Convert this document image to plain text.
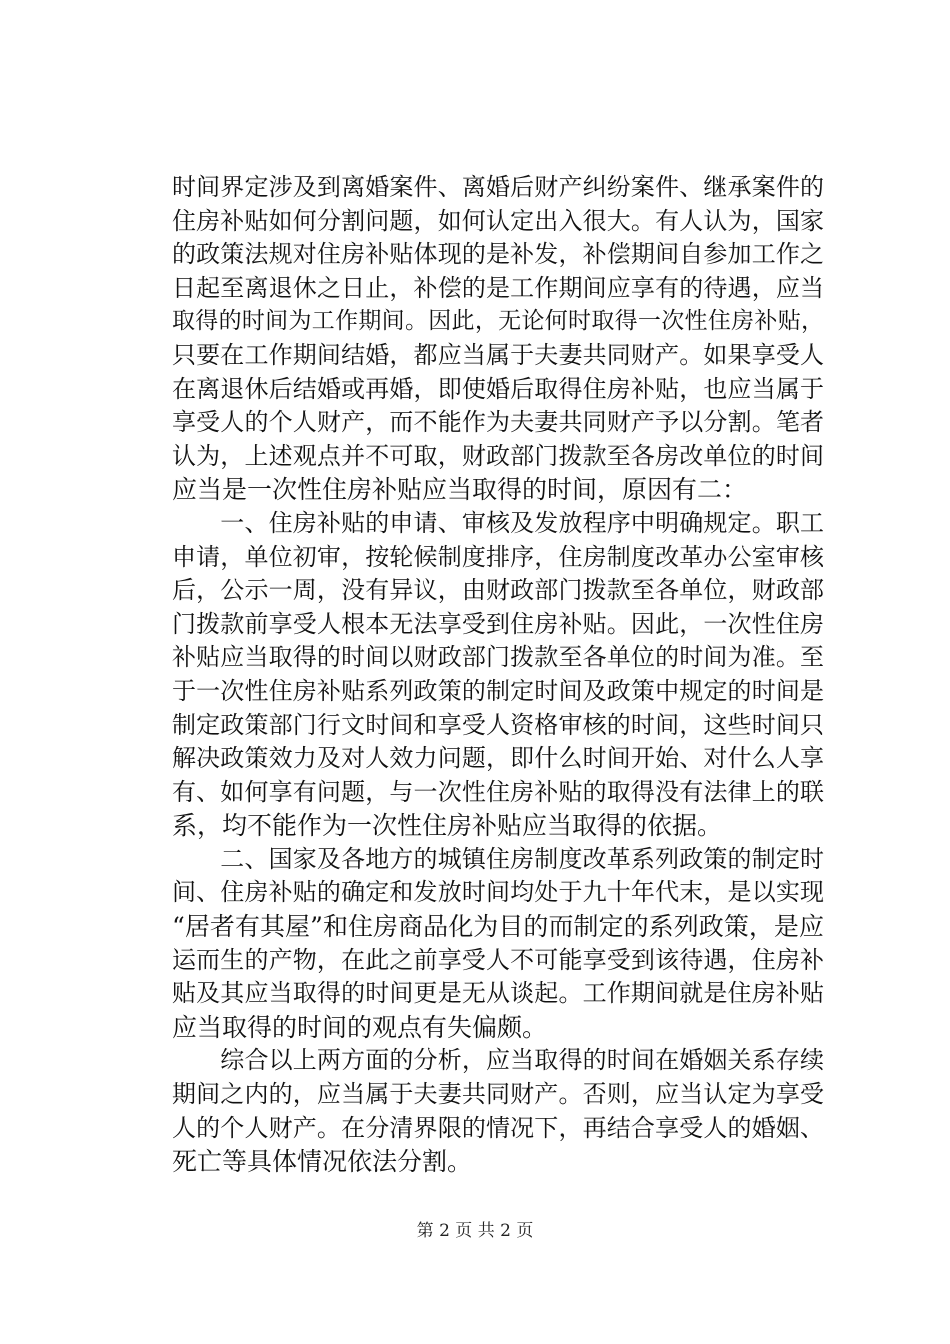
时间界定涉及到离婚案件、离婚后财产纠纷案件、继承案件的
住房补贴如何分割问题，如何认定出入很大。有人认为，国家
的政策法规对住房补贴体现的是补发，补偿期间自参加工作之
日起至离退休之日止，补偿的是工作期间应享有的待遇，应当
取得的时间为工作期间。因此，无论何时取得一次性住房补贴，
只要在工作期间结婚，都应当属于夫妻共同财产。如果享受人
在离退休后结婚或再婚，即使婚后取得住房补贴，也应当属于
享受人的个人财产，而不能作为夫妻共同财产予以分割。笔者
认为，上述观点并不可取，财政部门拨款至各房改单位的时间
应当是一次性住房补贴应当取得的时间，原因有二：
　　一、住房补贴的申请、审核及发放程序中明确规定。职工
申请，单位初审，按轮候制度排序，住房制度改革办公室审核
后，公示一周，没有异议，由财政部门拨款至各单位，财政部
门拨款前享受人根本无法享受到住房补贴。因此，一次性住房
补贴应当取得的时间以财政部门拨款至各单位的时间为准。至
于一次性住房补贴系列政策的制定时间及政策中规定的时间是
制定政策部门行文时间和享受人资格审核的时间，这些时间只
解决政策效力及对人效力问题，即什么时间开始、对什么人享
有、如何享有问题，与一次性住房补贴的取得没有法律上的联
系，均不能作为一次性住房补贴应当取得的依据。
　　二、国家及各地方的城镇住房制度改革系列政策的制定时
间、住房补贴的确定和发放时间均处于九十年代末，是以实现
“居者有其屋”和住房商品化为目的而制定的系列政策，是应
运而生的产物，在此之前享受人不可能享受到该待遇，住房补
贴及其应当取得的时间更是无从谈起。工作期间就是住房补贴
应当取得的时间的观点有失偏颇。
　　综合以上两方面的分析，应当取得的时间在婚姻关系存续
期间之内的，应当属于夫妻共同财产。否则，应当认定为享受
人的个人财产。在分清界限的情况下，再结合享受人的婚姻、
死亡等具体情况依法分割。
第 2 页 共 2 页
